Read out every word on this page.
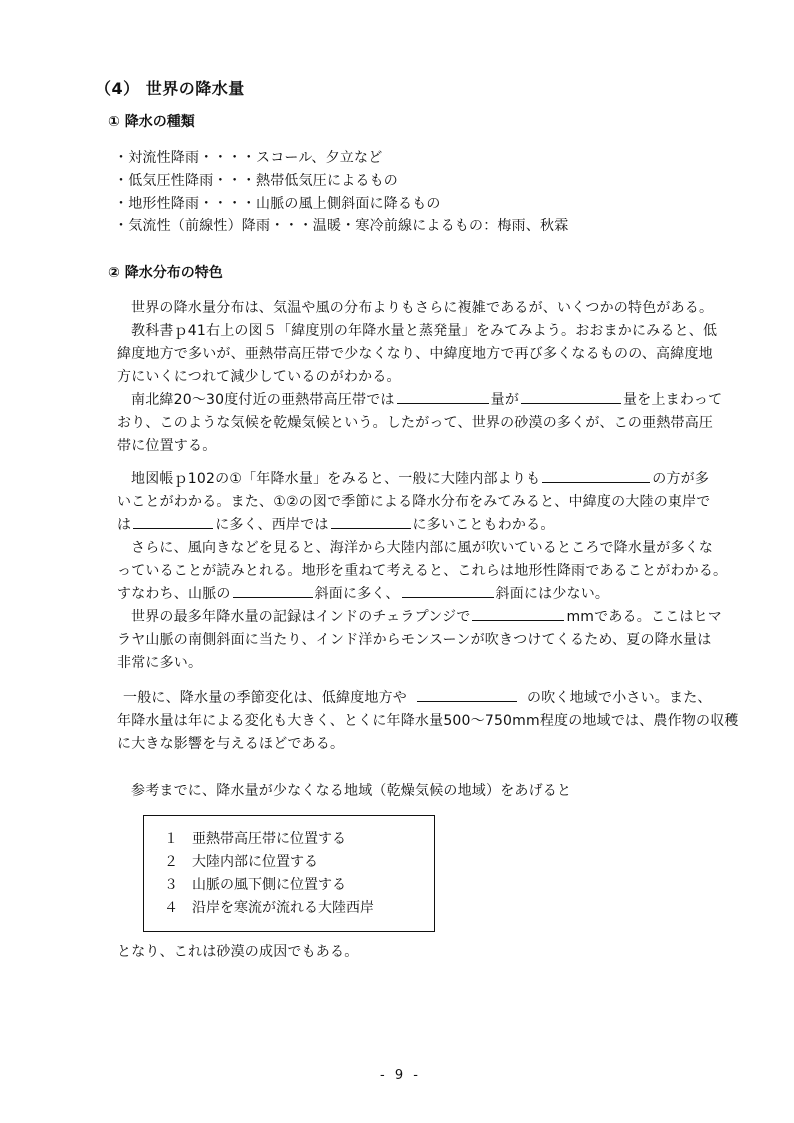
（4） 世界の降水量
① 降水の種類
・対流性降雨・・・・スコール、夕立など
・低気圧性降雨・・・熱帯低気圧によるもの
・地形性降雨・・・・山脈の風上側斜面に降るもの
・気流性（前線性）降雨・・・温暖・寒冷前線によるもの：梅雨、秋霖
② 降水分布の特色
世界の降水量分布は、気温や風の分布よりもさらに複雑であるが、いくつかの特色がある。
教科書ｐ41右上の図５「緯度別の年降水量と蒸発量」をみてみよう。おおまかにみると、低
緯度地方で多いが、亜熱帯高圧帯で少なくなり、中緯度地方で再び多くなるものの、高緯度地
方にいくにつれて減少しているのがわかる。
南北緯20～30度付近の亜熱帯高圧帯では	量が	量を上まわって
おり、このような気候を乾燥気候という。したがって、世界の砂漠の多くが、この亜熱帯高圧
帯に位置する。
地図帳ｐ102の①「年降水量」をみると、一般に大陸内部よりも	の方が多
いことがわかる。また、①②の図で季節による降水分布をみてみると、中緯度の大陸の東岸で
は	に多く、西岸では	に多いこともわかる。
さらに、風向きなどを見ると、海洋から大陸内部に風が吹いているところで降水量が多くな
っていることが読みとれる。地形を重ねて考えると、これらは地形性降雨であることがわかる。
すなわち、山脈の	斜面に多く、	斜面には少ない。
世界の最多年降水量の記録はインドのチェラプンジで	mmである。ここはヒマ
ラヤ山脈の南側斜面に当たり、インド洋からモンスーンが吹きつけてくるため、夏の降水量は
非常に多い。
一般に、降水量の季節変化は、低緯度地方や	の吹く地域で小さい。また、
年降水量は年による変化も大きく、とくに年降水量500～750mm程度の地域では、農作物の収穫
に大きな影響を与えるほどである。
参考までに、降水量が少なくなる地域（乾燥気候の地域）をあげると
１ 亜熱帯高圧帯に位置する
２ 大陸内部に位置する
３ 山脈の風下側に位置する
４ 沿岸を寒流が流れる大陸西岸
となり、これは砂漠の成因でもある。
- 9 -
